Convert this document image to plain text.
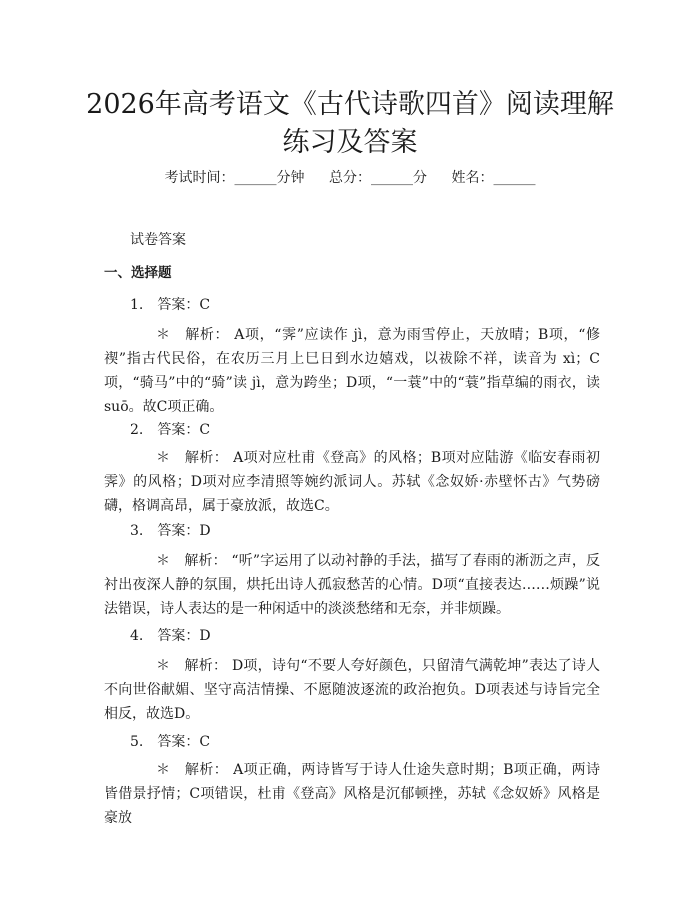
2026年高考语文《古代诗歌四首》阅读理解
练习及答案
考试时间：______分钟 总分：______分 姓名：______

试卷答案

一、选择题

1.　答案：C

＊　解析： A项，“霁”应读作 jì，意为雨雪停止，天放晴；B项，“修禊”指古代民俗，在农历三月上巳日到水边嬉戏，以祓除不祥，读音为 xì；C项，“骑马”中的“骑”读 jì，意为跨坐；D项，“一蓑”中的“蓑”指草编的雨衣，读 suō。故C项正确。

2.　答案：C

＊　解析： A项对应杜甫《登高》的风格；B项对应陆游《临安春雨初霁》的风格；D项对应李清照等婉约派词人。苏轼《念奴娇·赤壁怀古》气势磅礴，格调高昂，属于豪放派，故选C。

3.　答案：D

＊　解析： “听”字运用了以动衬静的手法，描写了春雨的淅沥之声，反衬出夜深人静的氛围，烘托出诗人孤寂愁苦的心情。D项“直接表达……烦躁”说法错误，诗人表达的是一种闲适中的淡淡愁绪和无奈，并非烦躁。

4.　答案：D

＊　解析： D项，诗句“不要人夸好颜色，只留清气满乾坤”表达了诗人不向世俗献媚、坚守高洁情操、不愿随波逐流的政治抱负。D项表述与诗旨完全相反，故选D。

5.　答案：C

＊　解析： A项正确，两诗皆写于诗人仕途失意时期；B项正确，两诗皆借景抒情；C项错误，杜甫《登高》风格是沉郁顿挫，苏轼《念奴娇》风格是豪放
